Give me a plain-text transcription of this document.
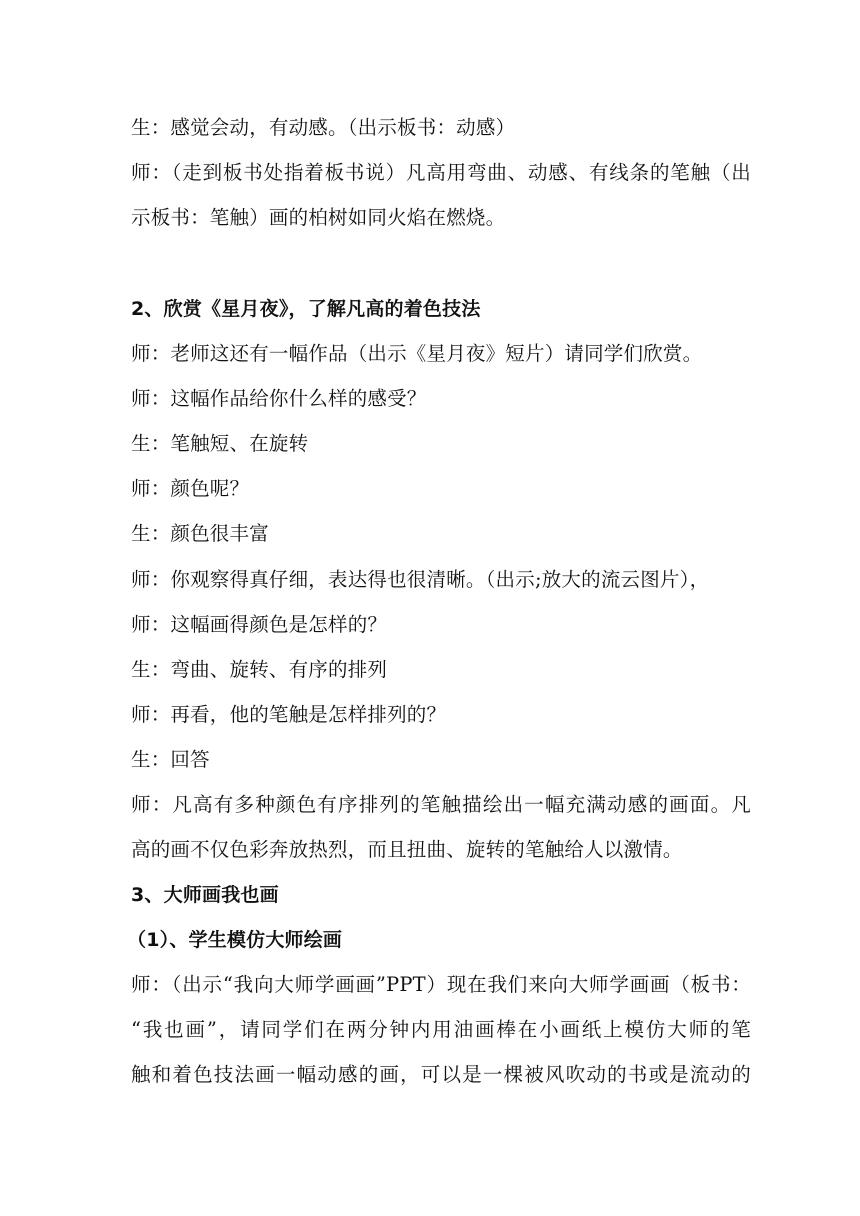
生：感觉会动，有动感。（出示板书：动感）
师：（走到板书处指着板书说）凡高用弯曲、动感、有线条的笔触（出
示板书：笔触）画的柏树如同火焰在燃烧。
2、欣赏《星月夜》，了解凡高的着色技法
师：老师这还有一幅作品（出示《星月夜》短片）请同学们欣赏。
师：这幅作品给你什么样的感受？
生：笔触短、在旋转
师：颜色呢？
生：颜色很丰富
师：你观察得真仔细，表达得也很清晰。（出示;放大的流云图片），
师：这幅画得颜色是怎样的？
生：弯曲、旋转、有序的排列
师：再看，他的笔触是怎样排列的？
生：回答
师：凡高有多种颜色有序排列的笔触描绘出一幅充满动感的画面。凡
高的画不仅色彩奔放热烈，而且扭曲、旋转的笔触给人以激情。
3、大师画我也画
（1）、学生模仿大师绘画
师：（出示“我向大师学画画”PPT）现在我们来向大师学画画（板书：
“我也画”，请同学们在两分钟内用油画棒在小画纸上模仿大师的笔
触和着色技法画一幅动感的画，可以是一棵被风吹动的书或是流动的
